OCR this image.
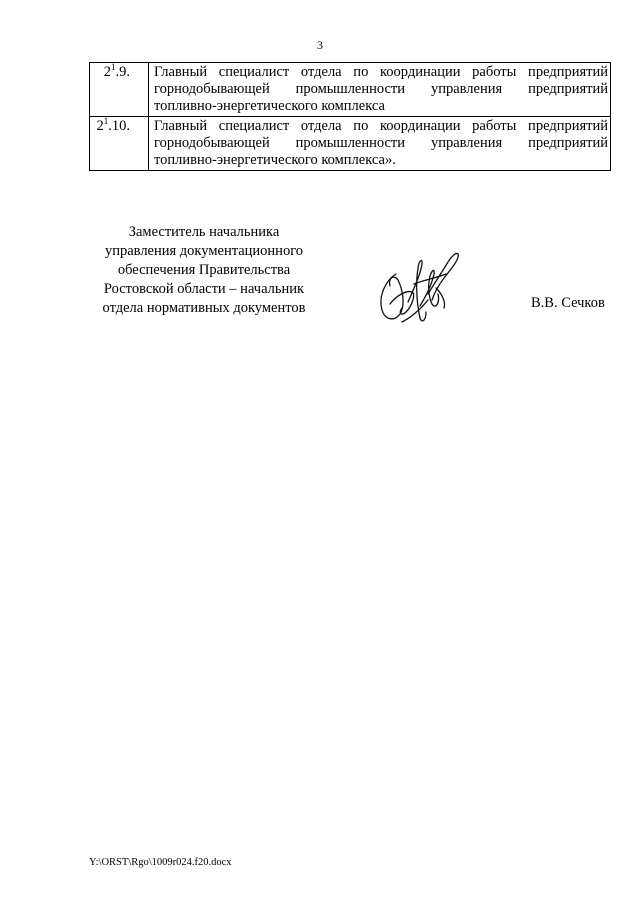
3
$2^1.9$.	Главный специалист отдела по координации работы предприятий
горнодобывающей промышленности управления предприятий
топливно-энергетического комплекса

$2^1.10$.	Главный специалист отдела по координации работы предприятий
горнодобывающей промышленности управления предприятий
топливно-энергетического комплекса».
Заместитель начальника
управления документационного
обеспечения Правительства
Ростовской области – начальник
отдела нормативных документов	В.В. Сечков
Y:\ORST\Rgo\1009r024.f20.docx
